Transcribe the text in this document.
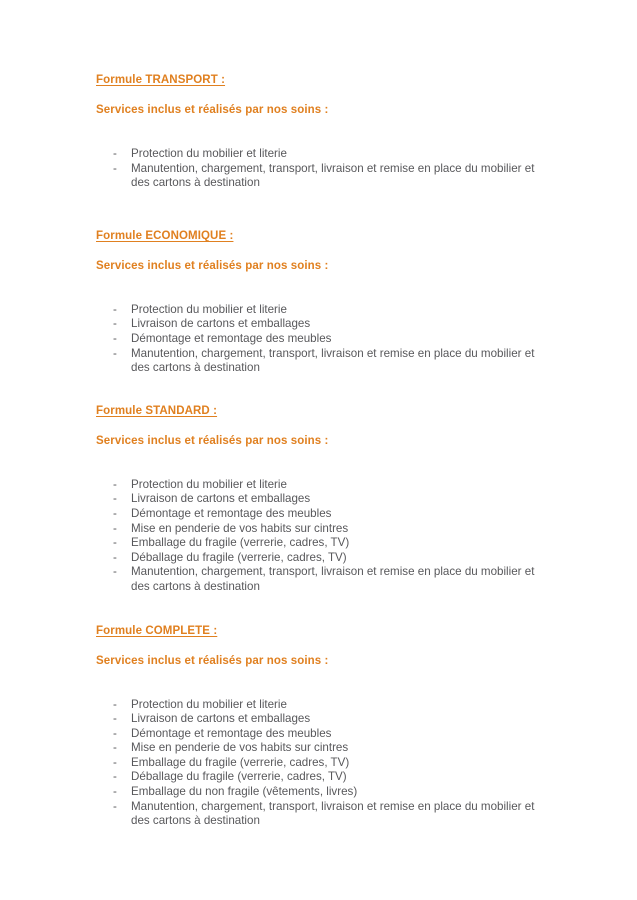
Formule TRANSPORT :

Services inclus et réalisés par nos soins :

- Protection du mobilier et literie
- Manutention, chargement, transport, livraison et remise en place du mobilier et des cartons à destination

Formule ECONOMIQUE :

Services inclus et réalisés par nos soins :

- Protection du mobilier et literie
- Livraison de cartons et emballages
- Démontage et remontage des meubles
- Manutention, chargement, transport, livraison et remise en place du mobilier et des cartons à destination

Formule STANDARD :

Services inclus et réalisés par nos soins :

- Protection du mobilier et literie
- Livraison de cartons et emballages
- Démontage et remontage des meubles
- Mise en penderie de vos habits sur cintres
- Emballage du fragile (verrerie, cadres, TV)
- Déballage du fragile (verrerie, cadres, TV)
- Manutention, chargement, transport, livraison et remise en place du mobilier et des cartons à destination

Formule COMPLETE :

Services inclus et réalisés par nos soins :

- Protection du mobilier et literie
- Livraison de cartons et emballages
- Démontage et remontage des meubles
- Mise en penderie de vos habits sur cintres
- Emballage du fragile (verrerie, cadres, TV)
- Déballage du fragile (verrerie, cadres, TV)
- Emballage du non fragile (vêtements, livres)
- Manutention, chargement, transport, livraison et remise en place du mobilier et des cartons à destination
